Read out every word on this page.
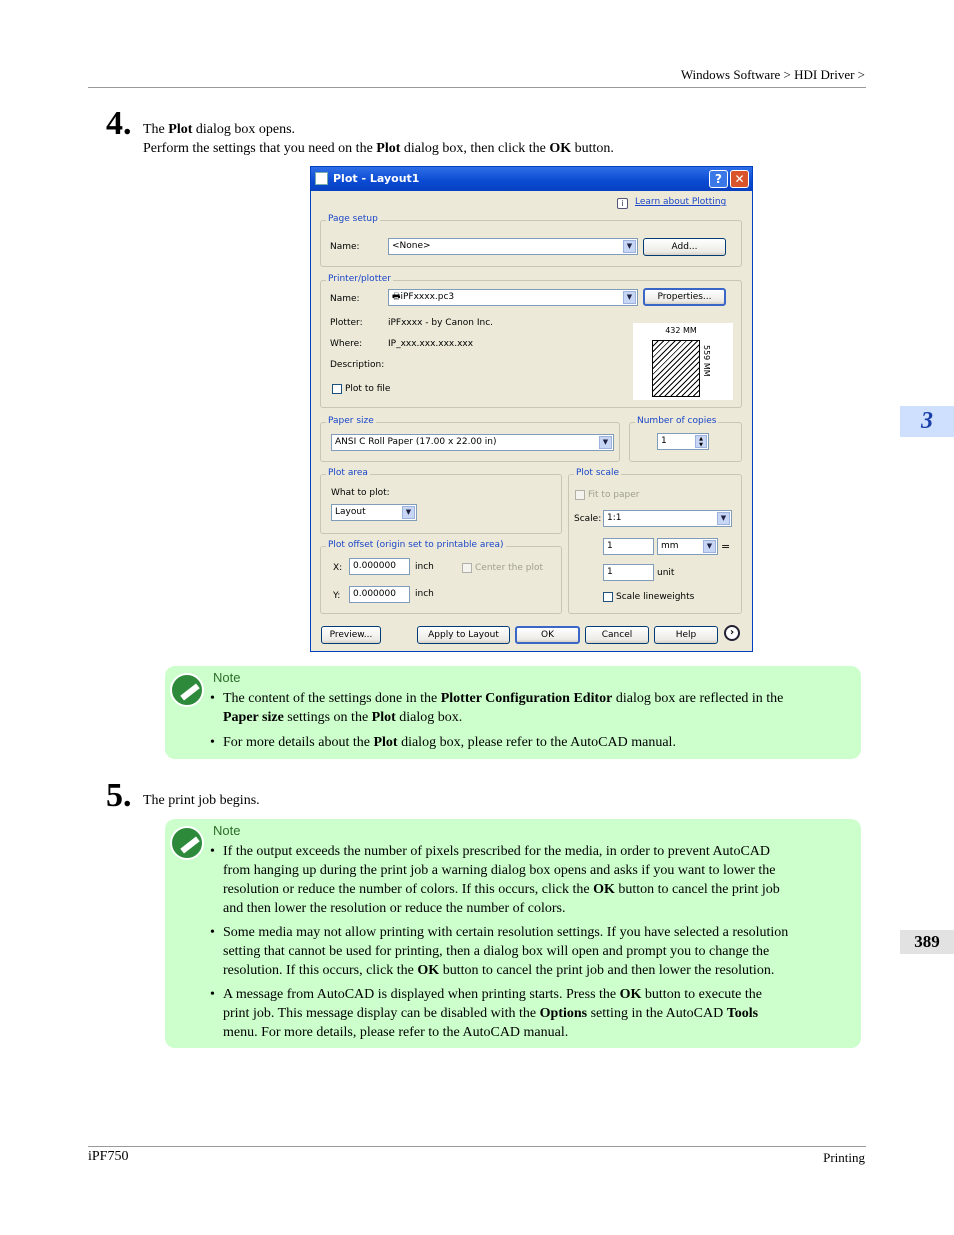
Windows Software > HDI Driver >
3
389
4. The Plot dialog box opens.
Perform the settings that you need on the Plot dialog box, then click the OK button.
Plot - Layout1	?	✕
i	Learn about Plotting
Page setup
Name:	<None>	▼	Add...
Printer/plotter
Name:	🖶iPFxxxx.pc3	▼	Properties...
Plotter:	iPFxxxx - by Canon Inc.
Where:	IP_xxx.xxx.xxx.xxx
Description:
Plot to file
432 MM
559 MM
Paper size
ANSI C Roll Paper (17.00 x 22.00 in)	▼
Number of copies
1	▲
▼
Plot area
What to plot:
Layout	▼
Plot offset (origin set to printable area)
X:	0.000000	inch	Center the plot
Y:	0.000000	inch
Plot scale
Fit to paper
Scale: 1:1	▼
1	mm	▼ =
1	unit
Scale lineweights
Preview...	Apply to Layout	OK	Cancel	Help	›
Note
• The content of the settings done in the Plotter Configuration Editor dialog box are reflected in the
Paper size settings on the Plot dialog box.
• For more details about the Plot dialog box, please refer to the AutoCAD manual.
5. The print job begins.
Note
• If the output exceeds the number of pixels prescribed for the media, in order to prevent AutoCAD
from hanging up during the print job a warning dialog box opens and asks if you want to lower the
resolution or reduce the number of colors. If this occurs, click the OK button to cancel the print job
and then lower the resolution or reduce the number of colors.
• Some media may not allow printing with certain resolution settings. If you have selected a resolution
setting that cannot be used for printing, then a dialog box will open and prompt you to change the
resolution. If this occurs, click the OK button to cancel the print job and then lower the resolution.
• A message from AutoCAD is displayed when printing starts. Press the OK button to execute the
print job. This message display can be disabled with the Options setting in the AutoCAD Tools
menu. For more details, please refer to the AutoCAD manual.
iPF750	Printing
